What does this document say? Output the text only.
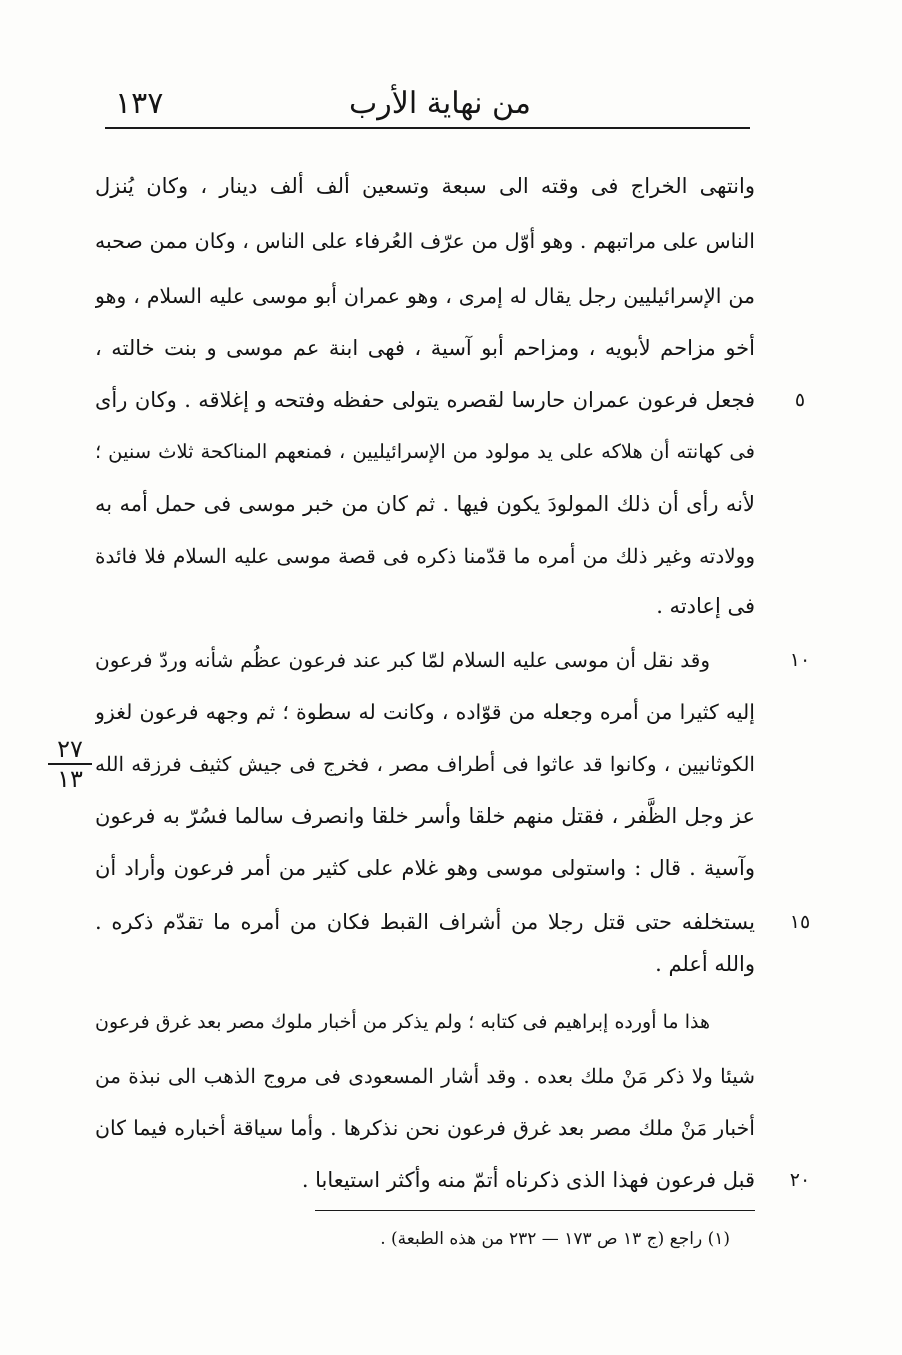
من نهاية الأرب
١٣٧
وانتهى الخراج فى وقته الى سبعة وتسعين ألف ألف دينار ، وكان يُنزل
الناس على مراتبهم . وهو أوّل من عرّف العُرفاء على الناس ، وكان ممن صحبه
من الإسرائيليين رجل يقال له إمرى ، وهو عمران أبو موسى عليه السلام ، وهو
أخو مزاحم لأبويه ، ومزاحم أبو آسية ، فهى ابنة عم موسى و بنت خالته ،
فجعل فرعون عمران حارسا لقصره يتولى حفظه وفتحه و إغلاقه . وكان رأى	٥
فى كهانته أن هلاكه على يد مولود من الإسرائيليين ، فمنعهم المناكحة ثلاث سنين ؛
لأنه رأى أن ذلك المولودَ يكون فيها . ثم كان من خبر موسى فى حمل أمه به
وولادته وغير ذلك من أمره ما قدّمنا ذكره فى قصة موسى عليه السلام فلا فائدة
فى إعادته .
وقد نقل أن موسى عليه السلام لمّا كبر عند فرعون عظُم شأنه وردّ فرعون	١٠
إليه كثيرا من أمره وجعله من قوّاده ، وكانت له سطوة ؛ ثم وجهه فرعون لغزو
الكوثانيين ، وكانوا قد عاثوا فى أطراف مصر ، فخرج فى جيش كثيف فرزقه الله
عز وجل الظَّفر ، فقتل منهم خلقا وأسر خلقا وانصرف سالما فسُرّ به فرعون
وآسية . قال : واستولى موسى وهو غلام على كثير من أمر فرعون وأراد أن
يستخلفه حتى قتل رجلا من أشراف القبط فكان من أمره ما تقدّم ذكره .	١٥
والله أعلم .
٢٧
١٣
هذا ما أورده إبراهيم فى كتابه ؛ ولم يذكر من أخبار ملوك مصر بعد غرق فرعون
شيئا ولا ذكر مَنْ ملك بعده . وقد أشار المسعودى فى مروج الذهب الى نبذة من
أخبار مَنْ ملك مصر بعد غرق فرعون نحن نذكرها . وأما سياقة أخباره فيما كان
قبل فرعون فهذا الذى ذكرناه أتمّ منه وأكثر استيعابا .	٢٠
(١) راجع (ج ١٣ ص ١٧٣ — ٢٣٢ من هذه الطبعة) .
